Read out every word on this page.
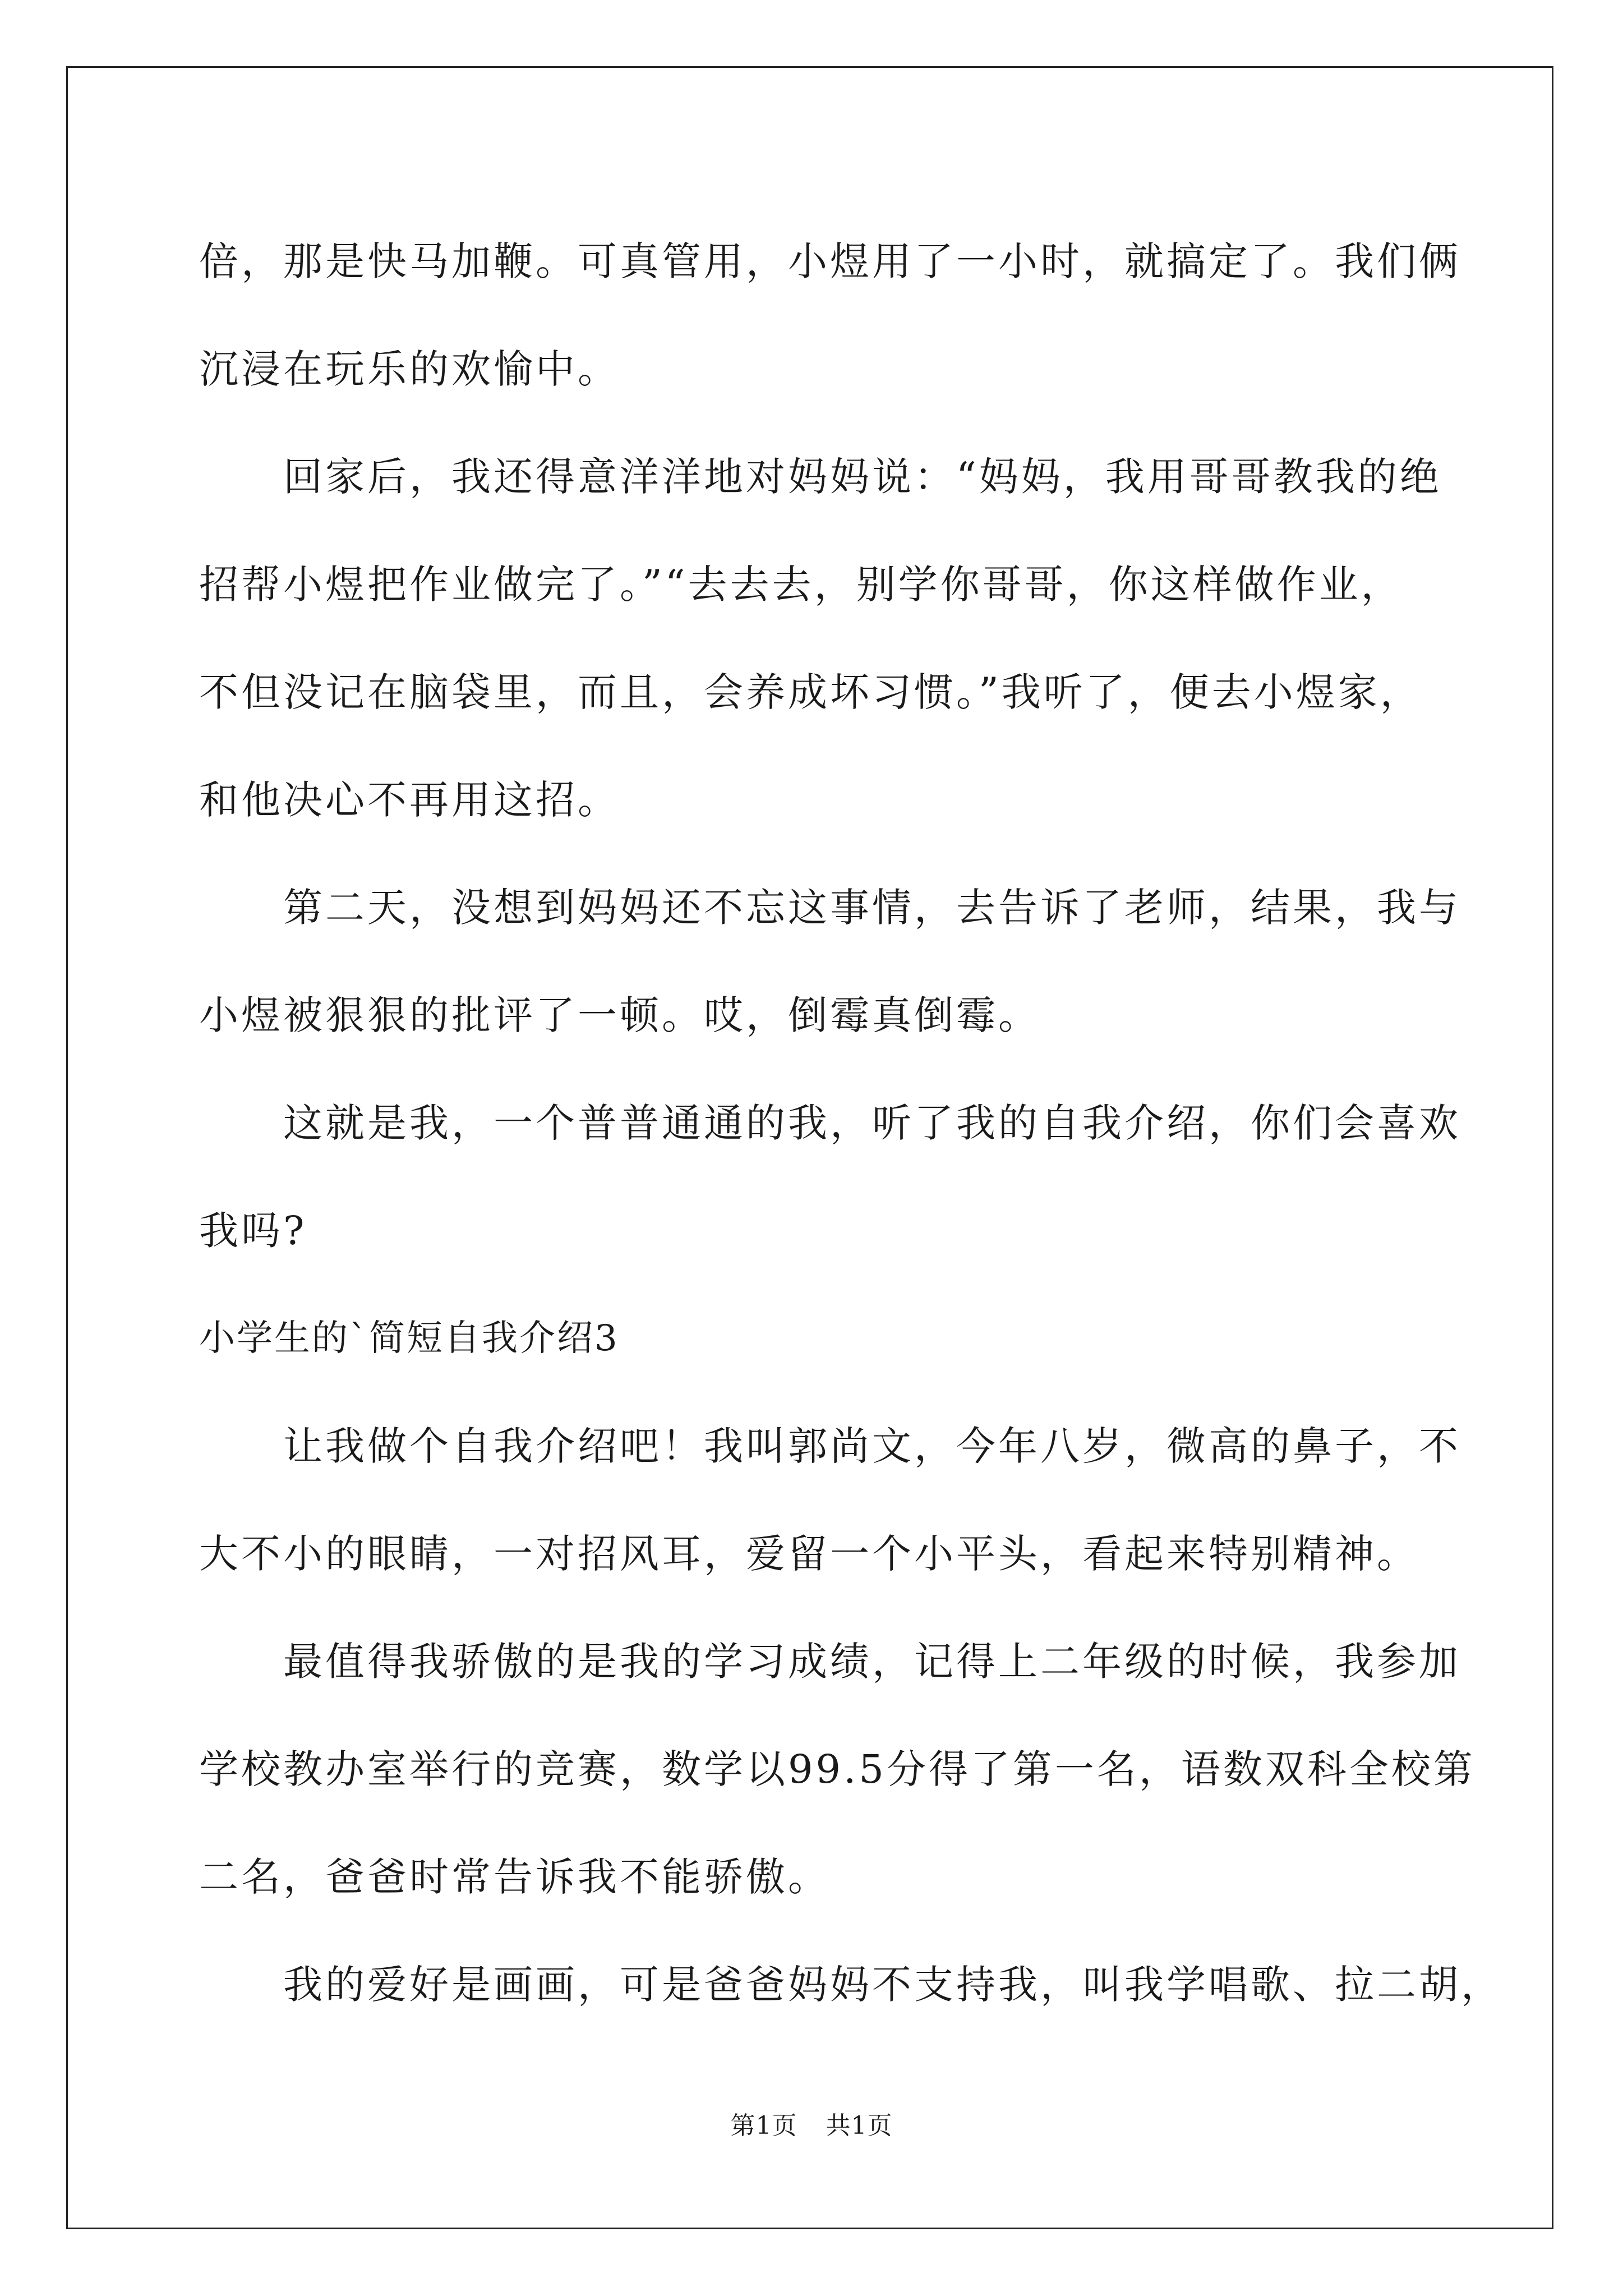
倍，那是快马加鞭。可真管用，小煜用了一小时，就搞定了。我们俩

沉浸在玩乐的欢愉中。

　　回家后，我还得意洋洋地对妈妈说：“妈妈，我用哥哥教我的绝

招帮小煜把作业做完了。”“去去去，别学你哥哥，你这样做作业，

不但没记在脑袋里，而且，会养成坏习惯。”我听了，便去小煜家，

和他决心不再用这招。

　　第二天，没想到妈妈还不忘这事情，去告诉了老师，结果，我与

小煜被狠狠的批评了一顿。哎，倒霉真倒霉。

　　这就是我，一个普普通通的我，听了我的自我介绍，你们会喜欢

我吗?

小学生的`简短自我介绍3

　　让我做个自我介绍吧！我叫郭尚文，今年八岁，微高的鼻子，不

大不小的眼睛，一对招风耳，爱留一个小平头，看起来特别精神。

　　最值得我骄傲的是我的学习成绩，记得上二年级的时候，我参加

学校教办室举行的竞赛，数学以99.5分得了第一名，语数双科全校第

二名，爸爸时常告诉我不能骄傲。

　　我的爱好是画画，可是爸爸妈妈不支持我，叫我学唱歌、拉二胡，

第1页 共1页
